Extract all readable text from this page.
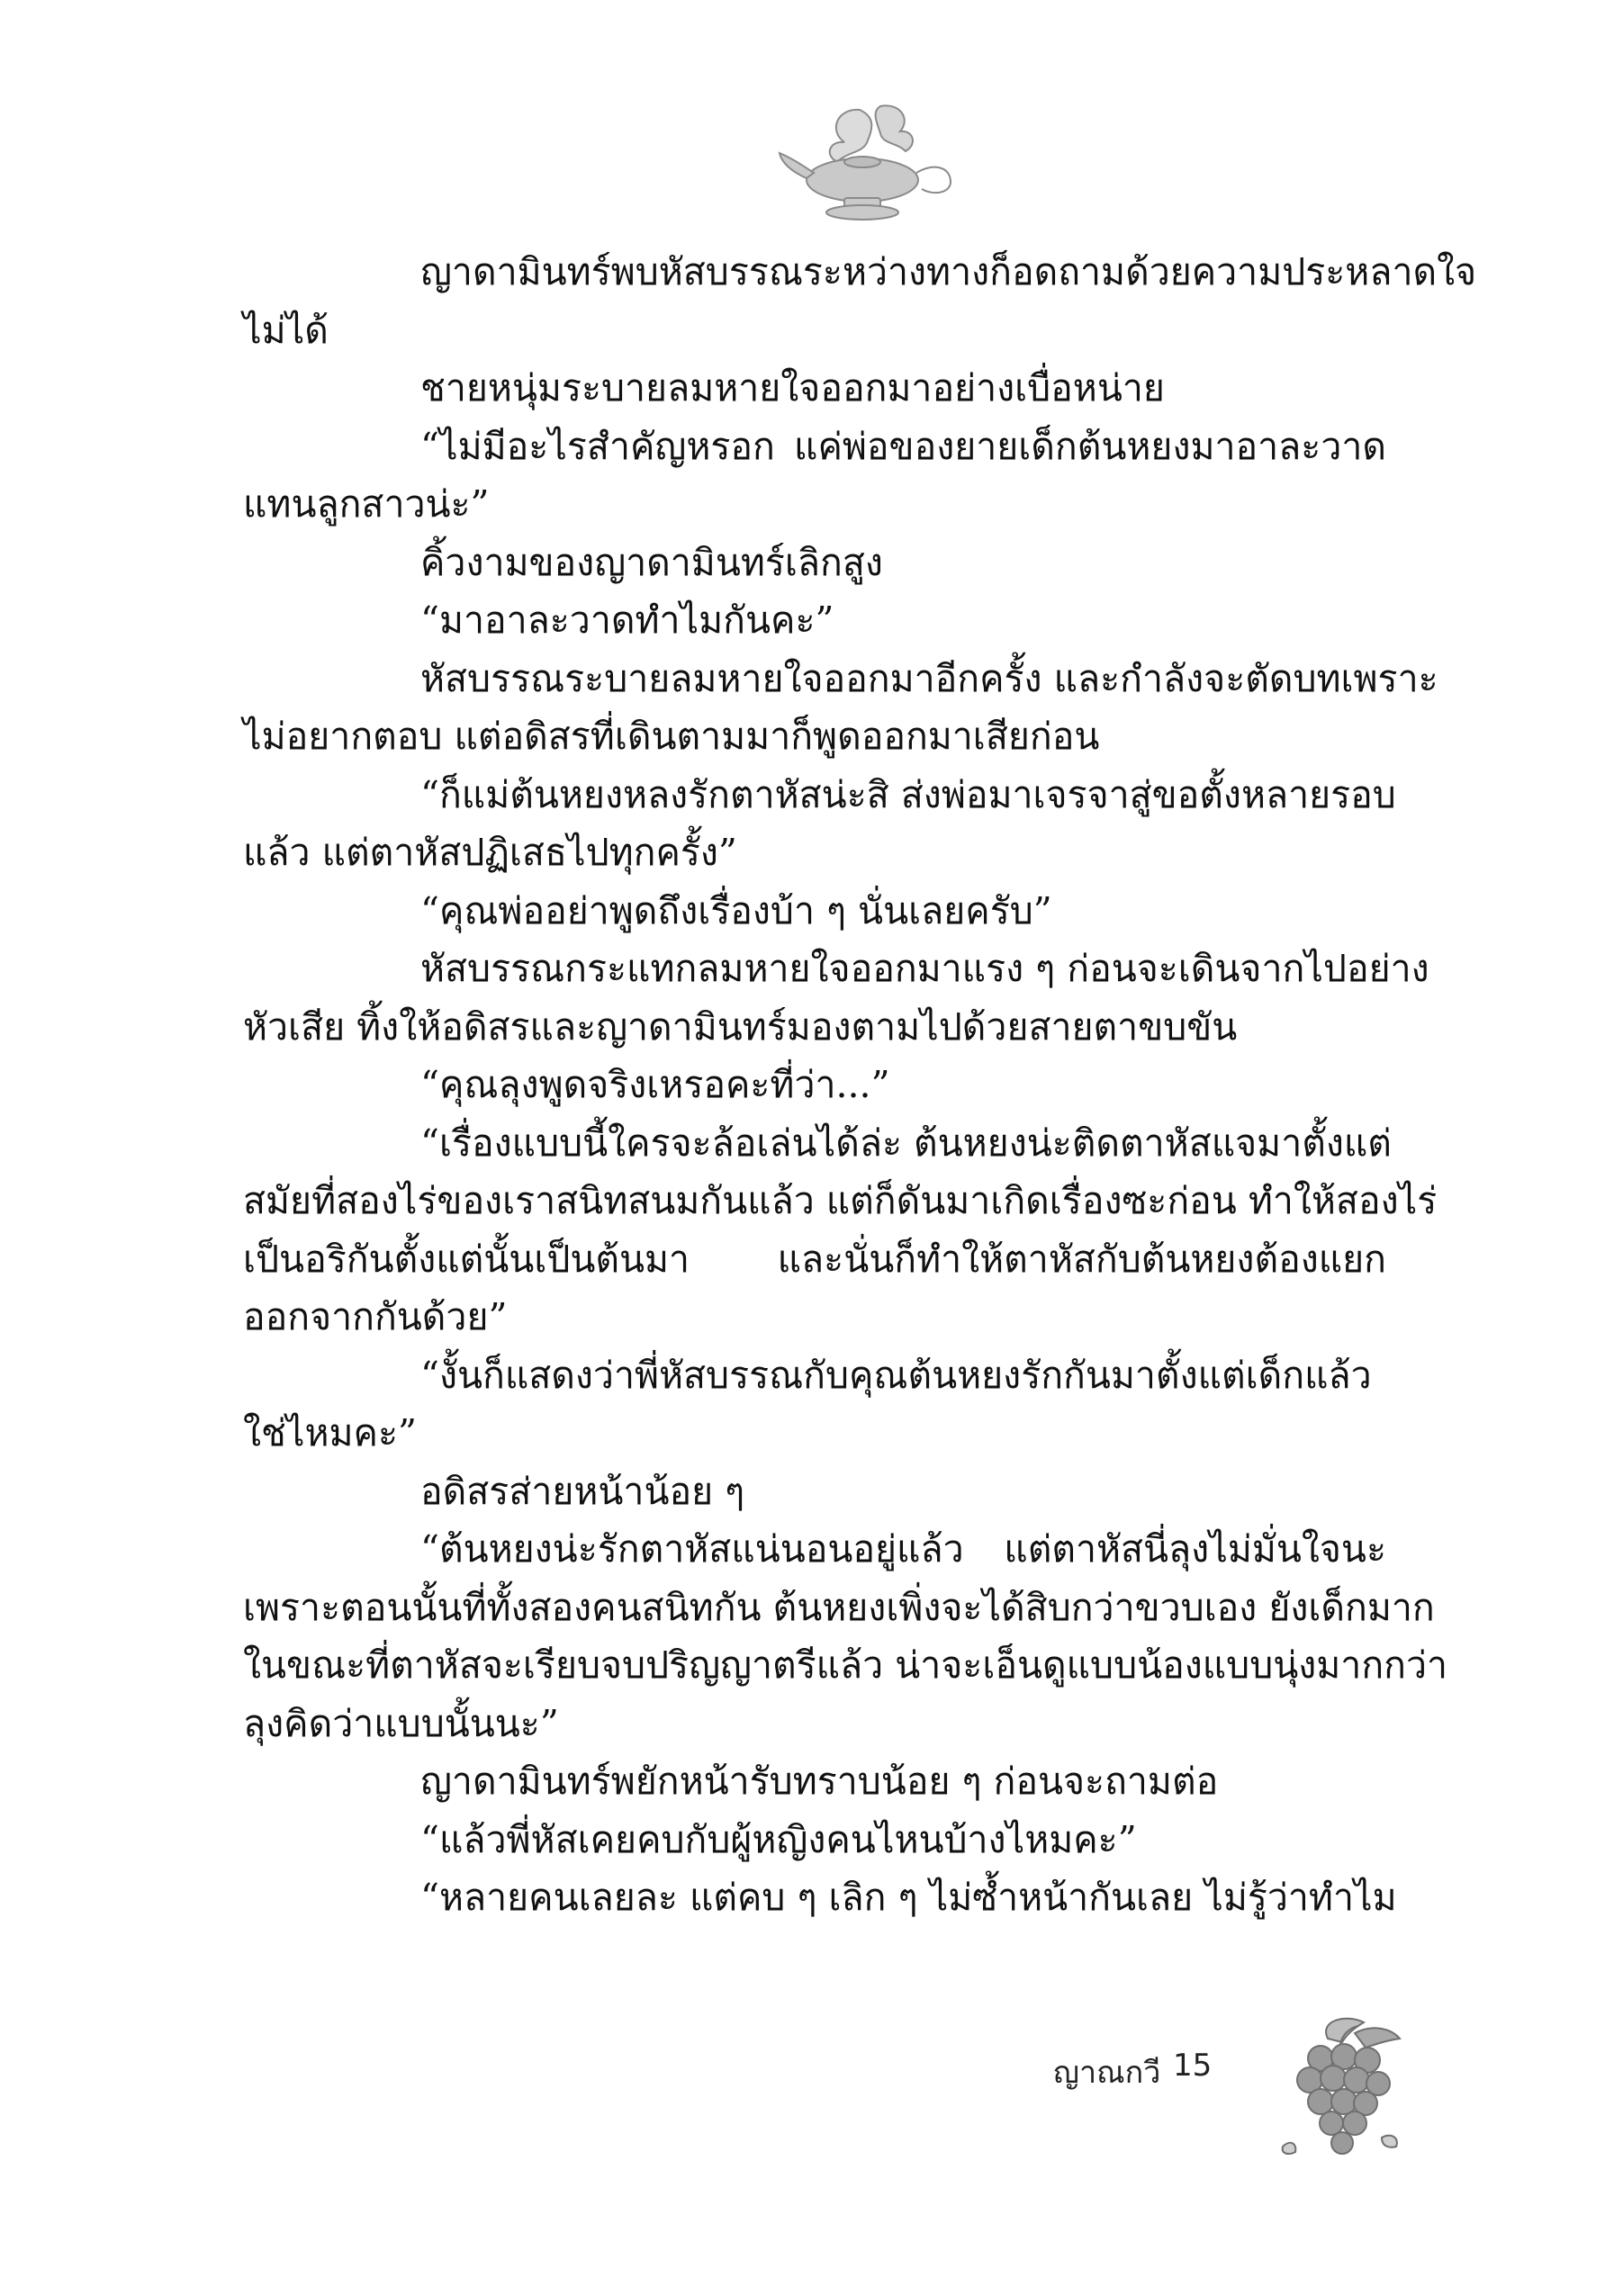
ญาดามินทร์พบหัสบรรณระหว่างทางก็อดถามด้วยความประหลาดใจ

ไม่ได้

ชายหนุ่มระบายลมหายใจออกมาอย่างเบื่อหน่าย

“ไม่มีอะไรสำคัญหรอก แค่พ่อของยายเด็กต้นหยงมาอาละวาด

แทนลูกสาวน่ะ”

คิ้วงามของญาดามินทร์เลิกสูง

“มาอาละวาดทำไมกันคะ”

หัสบรรณระบายลมหายใจออกมาอีกครั้ง และกำลังจะตัดบทเพราะ

ไม่อยากตอบ แต่อดิสรที่เดินตามมาก็พูดออกมาเสียก่อน

“ก็แม่ต้นหยงหลงรักตาหัสน่ะสิ ส่งพ่อมาเจรจาสู่ขอตั้งหลายรอบ

แล้ว แต่ตาหัสปฏิเสธไปทุกครั้ง”

“คุณพ่ออย่าพูดถึงเรื่องบ้า ๆ นั่นเลยครับ”

หัสบรรณกระแทกลมหายใจออกมาแรง ๆ ก่อนจะเดินจากไปอย่าง

หัวเสีย ทิ้งให้อดิสรและญาดามินทร์มองตามไปด้วยสายตาขบขัน

“คุณลุงพูดจริงเหรอคะที่ว่า...”

“เรื่องแบบนี้ใครจะล้อเล่นได้ล่ะ ต้นหยงน่ะติดตาหัสแจมาตั้งแต่

สมัยที่สองไร่ของเราสนิทสนมกันแล้ว แต่ก็ดันมาเกิดเรื่องซะก่อน ทำให้สองไร่

เป็นอริกันตั้งแต่นั้นเป็นต้นมา และนั่นก็ทำให้ตาหัสกับต้นหยงต้องแยก

ออกจากกันด้วย”

“งั้นก็แสดงว่าพี่หัสบรรณกับคุณต้นหยงรักกันมาตั้งแต่เด็กแล้ว

ใช่ไหมคะ”

อดิสรส่ายหน้าน้อย ๆ

“ต้นหยงน่ะรักตาหัสแน่นอนอยู่แล้ว แต่ตาหัสนี่ลุงไม่มั่นใจนะ

เพราะตอนนั้นที่ทั้งสองคนสนิทกัน ต้นหยงเพิ่งจะได้สิบกว่าขวบเอง ยังเด็กมาก

ในขณะที่ตาหัสจะเรียบจบปริญญาตรีแล้ว น่าจะเอ็นดูแบบน้องแบบนุ่งมากกว่า

ลุงคิดว่าแบบนั้นนะ”

ญาดามินทร์พยักหน้ารับทราบน้อย ๆ ก่อนจะถามต่อ

“แล้วพี่หัสเคยคบกับผู้หญิงคนไหนบ้างไหมคะ”

“หลายคนเลยละ แต่คบ ๆ เลิก ๆ ไม่ซ้ำหน้ากันเลย ไม่รู้ว่าทำไม

ญาณกวี 15
